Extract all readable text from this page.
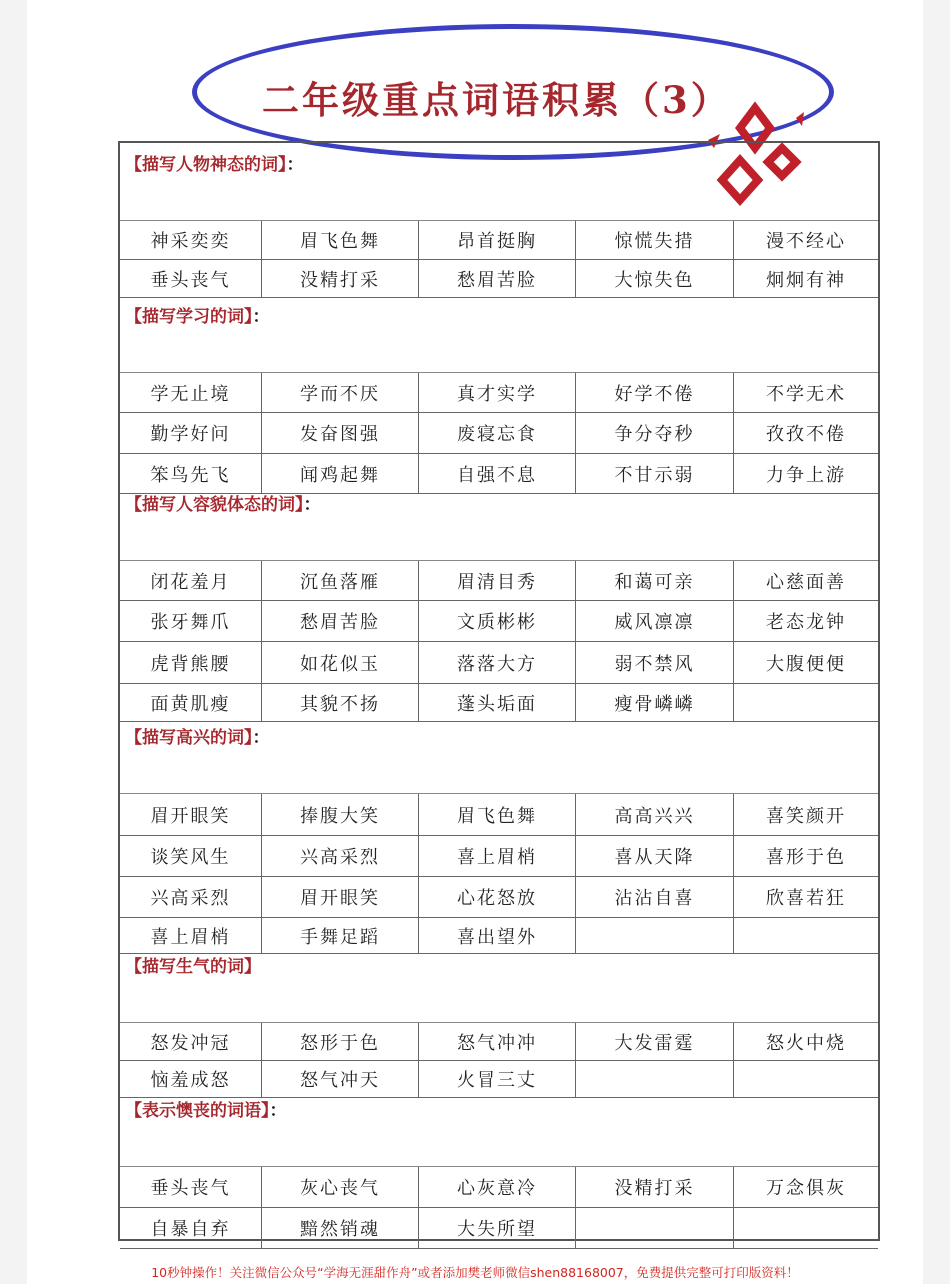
二年级重点词语积累（3）
【描写人物神态的词】：
神采奕奕	眉飞色舞	昂首挺胸	惊慌失措	漫不经心
垂头丧气	没精打采	愁眉苦脸	大惊失色	炯炯有神
【描写学习的词】：
学无止境	学而不厌	真才实学	好学不倦	不学无术
勤学好问	发奋图强	废寝忘食	争分夺秒	孜孜不倦
笨鸟先飞	闻鸡起舞	自强不息	不甘示弱	力争上游
【描写人容貌体态的词】：
闭花羞月	沉鱼落雁	眉清目秀	和蔼可亲	心慈面善
张牙舞爪	愁眉苦脸	文质彬彬	威风凛凛	老态龙钟
虎背熊腰	如花似玉	落落大方	弱不禁风	大腹便便
面黄肌瘦	其貌不扬	蓬头垢面	瘦骨嶙嶙
【描写高兴的词】：
眉开眼笑	捧腹大笑	眉飞色舞	高高兴兴	喜笑颜开
谈笑风生	兴高采烈	喜上眉梢	喜从天降	喜形于色
兴高采烈	眉开眼笑	心花怒放	沾沾自喜	欣喜若狂
喜上眉梢	手舞足蹈	喜出望外
【描写生气的词】
怒发冲冠	怒形于色	怒气冲冲	大发雷霆	怒火中烧
恼羞成怒	怒气冲天	火冒三丈
【表示懊丧的词语】：
垂头丧气	灰心丧气	心灰意冷	没精打采	万念俱灰
自暴自弃	黯然销魂	大失所望
10秒钟操作！关注微信公众号“学海无涯甜作舟”或者添加樊老师微信shen88168007，免费提供完整可打印版资料！
